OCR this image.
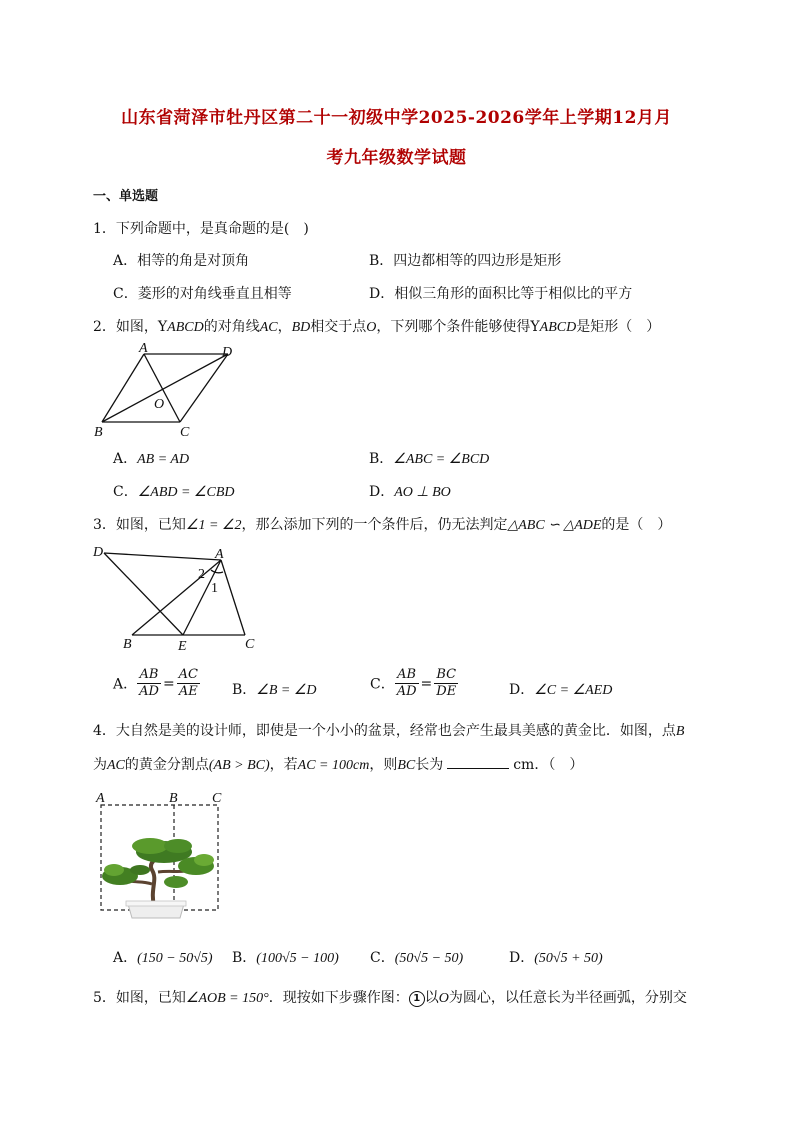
山东省菏泽市牡丹区第二十一初级中学2025-2026学年上学期12月月
考九年级数学试题
一、单选题
1．下列命题中，是真命题的是(　)
A．相等的角是对顶角	B．四边都相等的四边形是矩形
C．菱形的对角线垂直且相等	D．相似三角形的面积比等于相似比的平方
2．如图，YABCD的对角线AC，BD相交于点O，下列哪个条件能够使得YABCD是矩形（　）
A	D
O
B	C
A．AB = AD	B．∠ABC = ∠BCD
C．∠ABD = ∠CBD	D．AO ⊥ BO
3．如图，已知∠1 = ∠2，那么添加下列的一个条件后，仍无法判定△ABC ∽ △ADE的是（　）
D	A
2
1
B	E	C
A． $\frac{AB}{AD} = \frac{AC}{AE}$ B．∠B = ∠D	C． $\frac{AB}{AD} = \frac{BC}{DE}$	D．∠C = ∠AED
4．大自然是美的设计师，即使是一个小小的盆景，经常也会产生最具美感的黄金比．如图，点B
为AC的黄金分割点(AB > BC)，若AC = 100cm，则BC长为	cm．（　）
A	B C
A．(150 − 50√5) B．(100√5 − 100) C．(50√5 − 50)	D．(50√5 + 50)
5．如图，已知∠AOB = 150°．现按如下步骤作图： 1 以O为圆心，以任意长为半径画弧，分别交
